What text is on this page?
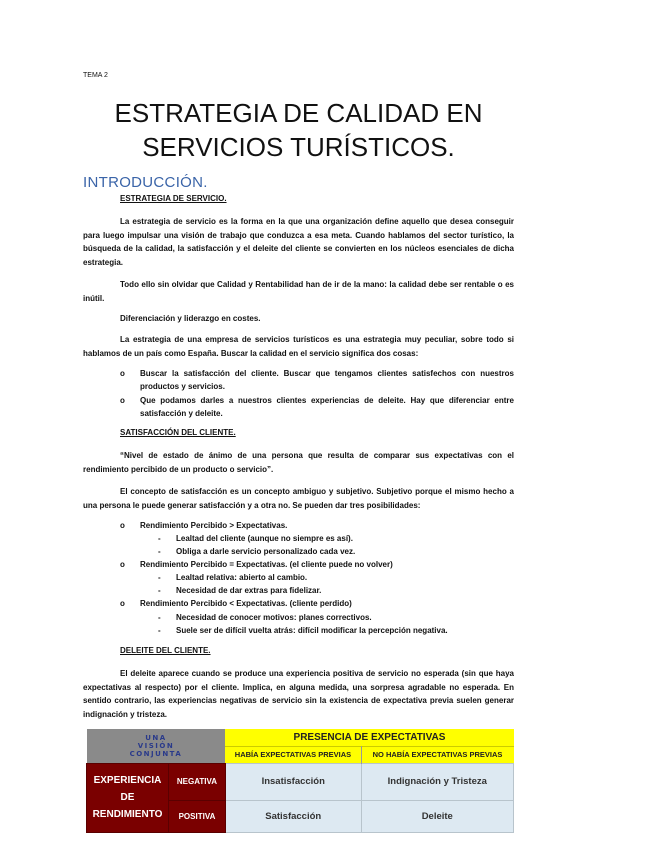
TEMA 2
ESTRATEGIA DE CALIDAD EN
SERVICIOS TURÍSTICOS.
INTRODUCCIÓN.
ESTRATEGIA DE SERVICIO.

La estrategia de servicio es la forma en la que una organización define aquello que desea conseguir para luego impulsar una visión de trabajo que conduzca a esa meta. Cuando hablamos del sector turístico, la búsqueda de la calidad, la satisfacción y el deleite del cliente se convierten en los núcleos esenciales de dicha estrategia.

Todo ello sin olvidar que Calidad y Rentabilidad han de ir de la mano: la calidad debe ser rentable o es inútil.

Diferenciación y liderazgo en costes.

La estrategia de una empresa de servicios turísticos es una estrategia muy peculiar, sobre todo si hablamos de un país como España. Buscar la calidad en el servicio significa dos cosas:

o Buscar la satisfacción del cliente. Buscar que tengamos clientes satisfechos con nuestros productos y servicios.
o Que podamos darles a nuestros clientes experiencias de deleite. Hay que diferenciar entre satisfacción y deleite.
SATISFACCIÓN DEL CLIENTE.

“Nivel de estado de ánimo de una persona que resulta de comparar sus expectativas con el rendimiento percibido de un producto o servicio”.

El concepto de satisfacción es un concepto ambiguo y subjetivo. Subjetivo porque el mismo hecho a una persona le puede generar satisfacción y a otra no. Se pueden dar tres posibilidades:

o Rendimiento Percibido > Expectativas.
- Lealtad del cliente (aunque no siempre es así).
- Obliga a darle servicio personalizado cada vez.
o Rendimiento Percibido = Expectativas. (el cliente puede no volver)
- Lealtad relativa: abierto al cambio.
- Necesidad de dar extras para fidelizar.
o Rendimiento Percibido < Expectativas. (cliente perdido)
- Necesidad de conocer motivos: planes correctivos.
- Suele ser de difícil vuelta atrás: difícil modificar la percepción negativa.
DELEITE DEL CLIENTE.

El deleite aparece cuando se produce una experiencia positiva de servicio no esperada (sin que haya expectativas al respecto) por el cliente. Implica, en alguna medida, una sorpresa agradable no esperada. En sentido contrario, las experiencias negativas de servicio sin la existencia de expectativa previa suelen generar indignación y tristeza.

UNA VISIÓN CONJUNTA		PRESENCIA DE EXPECTATIVAS	
		HABÍA EXPECTATIVAS PREVIAS	NO HABÍA EXPECTATIVAS PREVIAS
EXPERIENCIA DE RENDIMIENTO	NEGATIVA	Insatisfacción	Indignación y Tristeza
	POSITIVA	Satisfacción	Deleite
